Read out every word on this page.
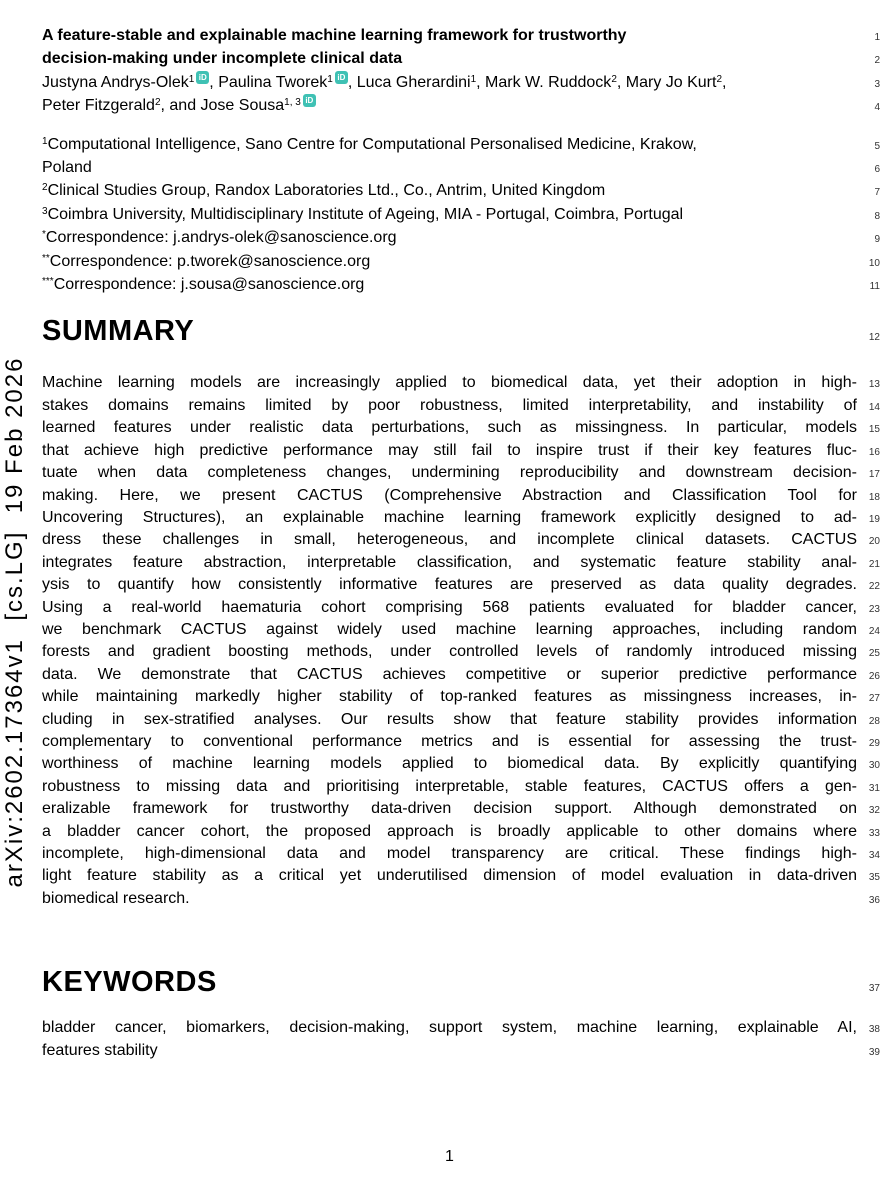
arXiv:2602.17364v1  [cs.LG]  19 Feb 2026
A feature-stable and explainable machine learning framework for trustworthy	1
decision-making under incomplete clinical data	2
Justyna Andrys-Olek$^1$ iD , Paulina Tworek$^1$ iD , Luca Gherardini$^1$, Mark W. Ruddock$^2$, Mary Jo Kurt$^2$,	3
Peter Fitzgerald$^2$, and Jose Sousa$^{1, 3}$ iD
4
$^1$Computational Intelligence, Sano Centre for Computational Personalised Medicine, Krakow,	5
Poland	6
$^2$Clinical Studies Group, Randox Laboratories Ltd., Co., Antrim, United Kingdom	7
$^3$Coimbra University, Multidisciplinary Institute of Ageing, MIA - Portugal, Coimbra, Portugal	8
*Correspondence: j.andrys-olek@sanoscience.org	9
**Correspondence: p.tworek@sanoscience.org	10
***Correspondence: j.sousa@sanoscience.org	11
SUMMARY	12
Machine learning models are increasingly applied to biomedical data, yet their adoption in high-	13
stakes domains remains limited by poor robustness, limited interpretability, and instability of	14
learned features under realistic data perturbations, such as missingness. In particular, models	15
that achieve high predictive performance may still fail to inspire trust if their key features fluc-	16
tuate when data completeness changes, undermining reproducibility and downstream decision-	17
making. Here, we present CACTUS (Comprehensive Abstraction and Classification Tool for	18
Uncovering Structures), an explainable machine learning framework explicitly designed to ad-	19
dress these challenges in small, heterogeneous, and incomplete clinical datasets. CACTUS	20
integrates feature abstraction, interpretable classification, and systematic feature stability anal-	21
ysis to quantify how consistently informative features are preserved as data quality degrades.	22
Using a real-world haematuria cohort comprising 568 patients evaluated for bladder cancer,	23
we benchmark CACTUS against widely used machine learning approaches, including random	24
forests and gradient boosting methods, under controlled levels of randomly introduced missing	25
data. We demonstrate that CACTUS achieves competitive or superior predictive performance	26
while maintaining markedly higher stability of top-ranked features as missingness increases, in-	27
cluding in sex-stratified analyses. Our results show that feature stability provides information	28
complementary to conventional performance metrics and is essential for assessing the trust-	29
worthiness of machine learning models applied to biomedical data. By explicitly quantifying	30
robustness to missing data and prioritising interpretable, stable features, CACTUS offers a gen-	31
eralizable framework for trustworthy data-driven decision support. Although demonstrated on	32
a bladder cancer cohort, the proposed approach is broadly applicable to other domains where	33
incomplete, high-dimensional data and model transparency are critical. These findings high-	34
light feature stability as a critical yet underutilised dimension of model evaluation in data-driven	35
biomedical research.	36
KEYWORDS	37
bladder cancer, biomarkers, decision-making, support system, machine learning, explainable AI,	38
features stability	39
1
